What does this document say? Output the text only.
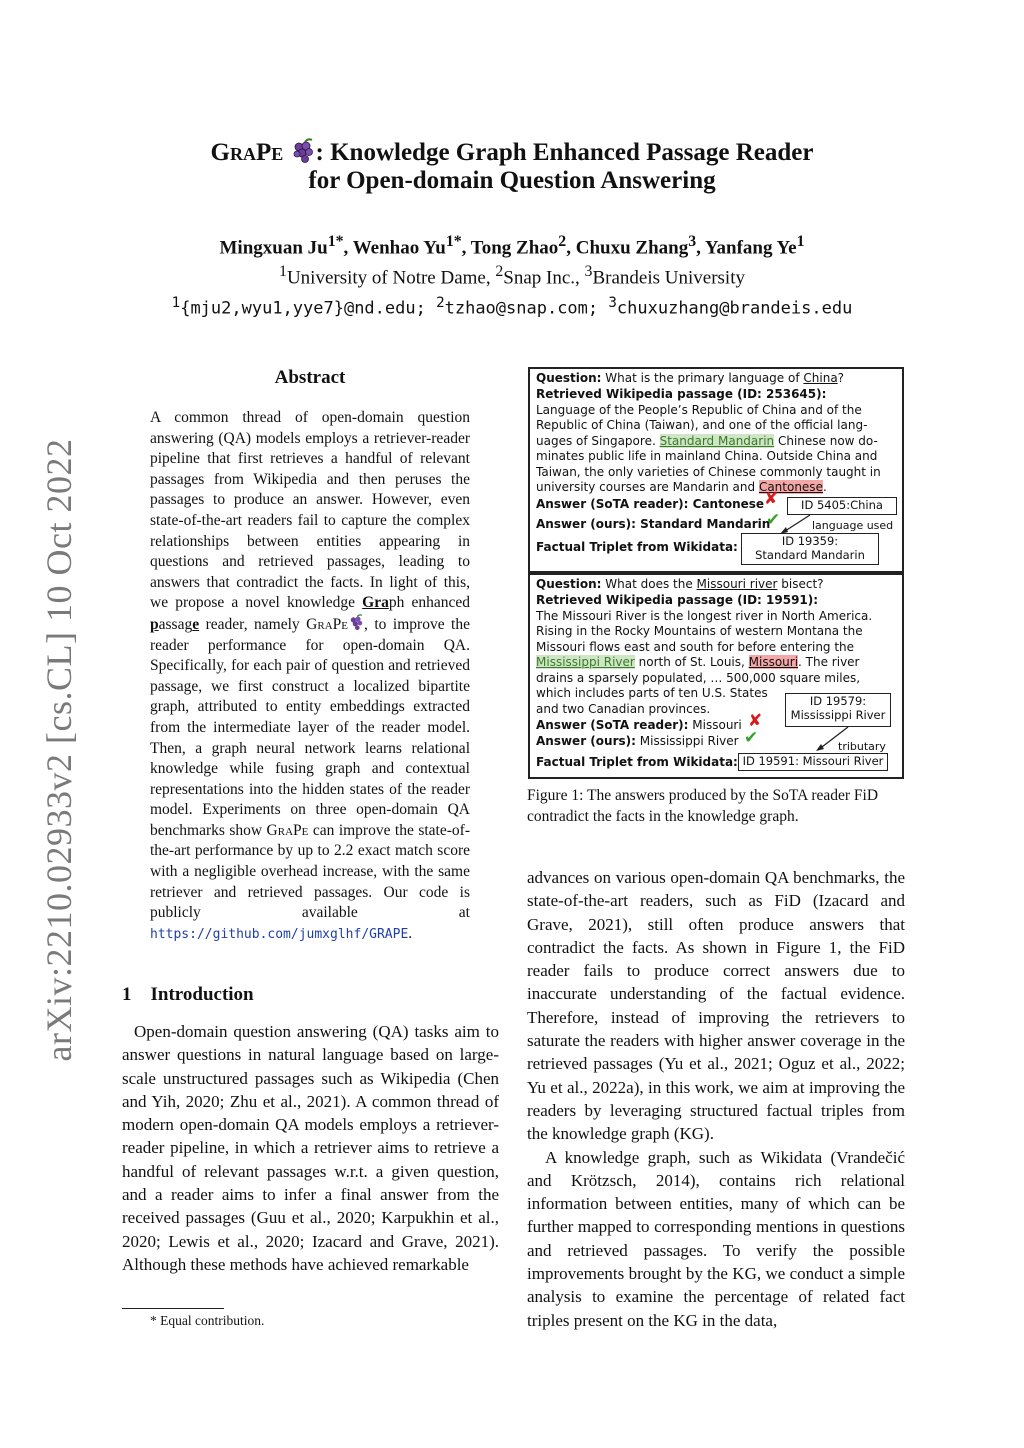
arXiv:2210.02933v2 [cs.CL] 10 Oct 2022
GraPe : Knowledge Graph Enhanced Passage Reader
for Open-domain Question Answering
Mingxuan $Ju^{1*}$, Wenhao $Yu^{1*}$, Tong Zhao$^2$, Chuxu Zhang$^3$, Yanfang Ye$^1$
$^1$University of Notre Dame, $^2$Snap Inc., $^3$Brandeis University
$^1${mju2,wyu1,yye7}@nd.edu; $^2$tzhao@snap.com; $^3$chuxuzhang@brandeis.edu
Abstract
A common thread of open-domain question answering (QA) models employs a retriever-reader pipeline that first retrieves a handful of relevant passages from Wikipedia and then peruses the passages to produce an answer. However, even state-of-the-art readers fail to capture the complex relationships between entities appearing in questions and retrieved passages, leading to answers that contradict the facts. In light of this, we propose a novel knowledge Graph enhanced passage reader, namely GraPe , to improve the reader performance for open-domain QA. Specifically, for each pair of question and retrieved passage, we first construct a localized bipartite graph, attributed to entity embeddings extracted from the intermediate layer of the reader model. Then, a graph neural network learns relational knowledge while fusing graph and contextual representations into the hidden states of the reader model. Experiments on three open-domain QA benchmarks show GraPe can improve the state-of-the-art performance by up to 2.2 exact match score with a negligible overhead increase, with the same retriever and retrieved passages. Our code is publicly available at https://github.com/jumxglhf/GRAPE.
1    Introduction

Open-domain question answering (QA) tasks aim to answer questions in natural language based on large-scale unstructured passages such as Wikipedia (Chen and Yih, 2020; Zhu et al., 2021). A common thread of modern open-domain QA models employs a retriever-reader pipeline, in which a retriever aims to retrieve a handful of relevant passages w.r.t. a given question, and a reader aims to infer a final answer from the received passages (Guu et al., 2020; Karpukhin et al., 2020; Lewis et al., 2020; Izacard and Grave, 2021). Although these methods have achieved remarkable

* Equal contribution.
Question: What is the primary language of China?
Retrieved Wikipedia passage (ID: 253645):
Language of the People’s Republic of China and of the
Republic of China (Taiwan), and one of the official lang-
uages of Singapore. Standard Mandarin Chinese now do-
minates public life in mainland China. Outside China and
Taiwan, the only varieties of Chinese commonly taught in
university courses are Mandarin and Cantonese.
Answer (SoTA reader): Cantonese ✘
Answer (ours): Standard Mandarin
✔
Factual Triplet from Wikidata:
ID 5405:China
language used
ID 19359:
Standard Mandarin
Question: What does the Missouri river bisect?
Retrieved Wikipedia passage (ID: 19591):
The Missouri River is the longest river in North America.
Rising in the Rocky Mountains of western Montana the
Missouri flows east and south for before entering the
Mississippi River north of St. Louis, Missouri. The river
drains a sparsely populated, … 500,000 square miles,
which includes parts of ten U.S. States
and two Canadian provinces.
Answer (SoTA reader): Missouri ✘
Answer (ours): Mississippi River ✔
Factual Triplet from Wikidata:
ID 19579:
Mississippi River
tributary
ID 19591: Missouri River
Figure 1: The answers produced by the SoTA reader FiD contradict the facts in the knowledge graph.

advances on various open-domain QA benchmarks, the state-of-the-art readers, such as FiD (Izacard and Grave, 2021), still often produce answers that contradict the facts. As shown in Figure 1, the FiD reader fails to produce correct answers due to inaccurate understanding of the factual evidence. Therefore, instead of improving the retrievers to saturate the readers with higher answer coverage in the retrieved passages (Yu et al., 2021; Oguz et al., 2022; Yu et al., 2022a), in this work, we aim at improving the readers by leveraging structured factual triples from the knowledge graph (KG).

A knowledge graph, such as Wikidata (Vrandečić and Krötzsch, 2014), contains rich relational information between entities, many of which can be further mapped to corresponding mentions in questions and retrieved passages. To verify the possible improvements brought by the KG, we conduct a simple analysis to examine the percentage of related fact triples present on the KG in the data,
